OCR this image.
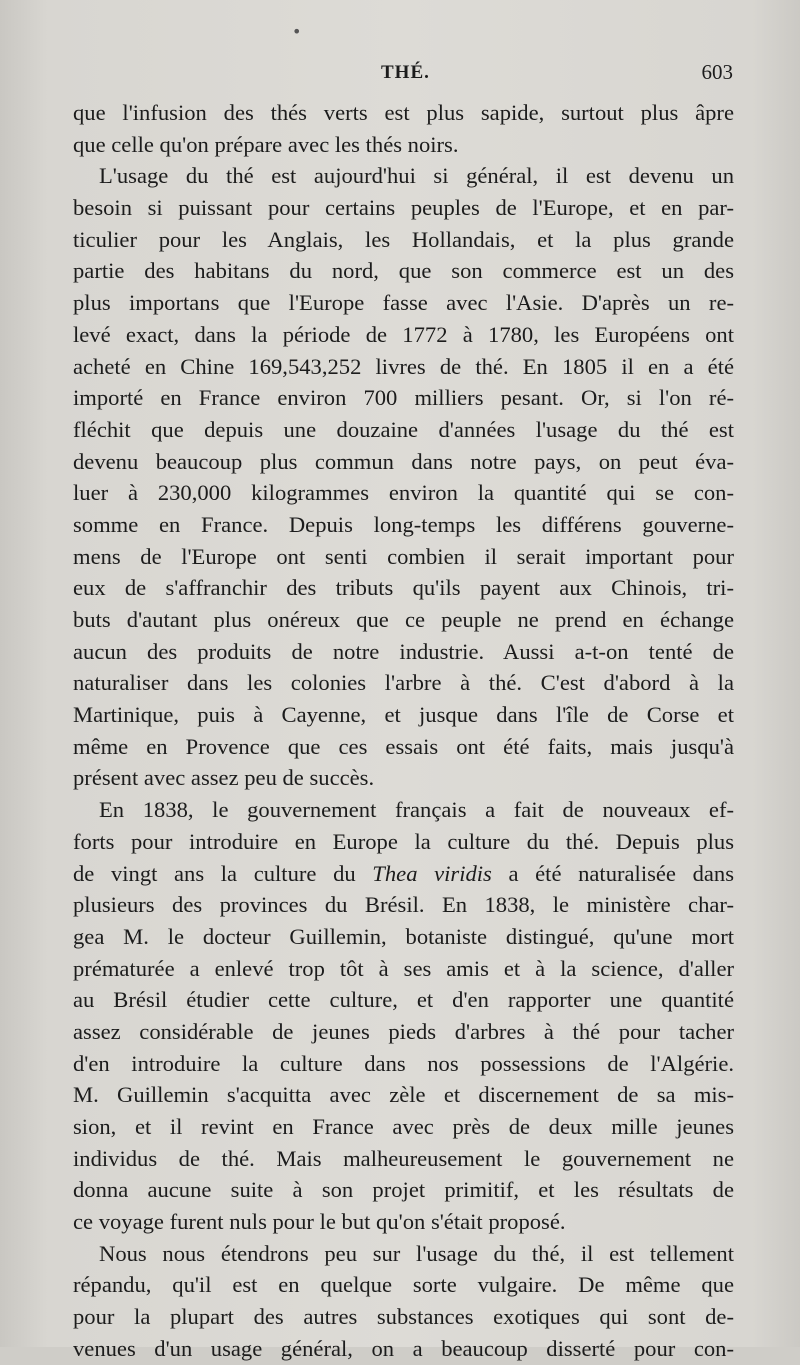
•
THÉ.	603
que l'infusion des thés verts est plus sapide, surtout plus âpre
que celle qu'on prépare avec les thés noirs.
L'usage du thé est aujourd'hui si général, il est devenu un
besoin si puissant pour certains peuples de l'Europe, et en par-
ticulier pour les Anglais, les Hollandais, et la plus grande
partie des habitans du nord, que son commerce est un des
plus importans que l'Europe fasse avec l'Asie. D'après un re-
levé exact, dans la période de 1772 à 1780, les Européens ont
acheté en Chine 169,543,252 livres de thé. En 1805 il en a été
importé en France environ 700 milliers pesant. Or, si l'on ré-
fléchit que depuis une douzaine d'années l'usage du thé est
devenu beaucoup plus commun dans notre pays, on peut éva-
luer à 230,000 kilogrammes environ la quantité qui se con-
somme en France. Depuis long-temps les différens gouverne-
mens de l'Europe ont senti combien il serait important pour
eux de s'affranchir des tributs qu'ils payent aux Chinois, tri-
buts d'autant plus onéreux que ce peuple ne prend en échange
aucun des produits de notre industrie. Aussi a-t-on tenté de
naturaliser dans les colonies l'arbre à thé. C'est d'abord à la
Martinique, puis à Cayenne, et jusque dans l'île de Corse et
même en Provence que ces essais ont été faits, mais jusqu'à
présent avec assez peu de succès.
En 1838, le gouvernement français a fait de nouveaux ef-
forts pour introduire en Europe la culture du thé. Depuis plus
de vingt ans la culture du Thea viridis a été naturalisée dans
plusieurs des provinces du Brésil. En 1838, le ministère char-
gea M. le docteur Guillemin, botaniste distingué, qu'une mort
prématurée a enlevé trop tôt à ses amis et à la science, d'aller
au Brésil étudier cette culture, et d'en rapporter une quantité
assez considérable de jeunes pieds d'arbres à thé pour tacher
d'en introduire la culture dans nos possessions de l'Algérie.
M. Guillemin s'acquitta avec zèle et discernement de sa mis-
sion, et il revint en France avec près de deux mille jeunes
individus de thé. Mais malheureusement le gouvernement ne
donna aucune suite à son projet primitif, et les résultats de
ce voyage furent nuls pour le but qu'on s'était proposé.
Nous nous étendrons peu sur l'usage du thé, il est tellement
répandu, qu'il est en quelque sorte vulgaire. De même que
pour la plupart des autres substances exotiques qui sont de-
venues d'un usage général, on a beaucoup disserté pour con-
